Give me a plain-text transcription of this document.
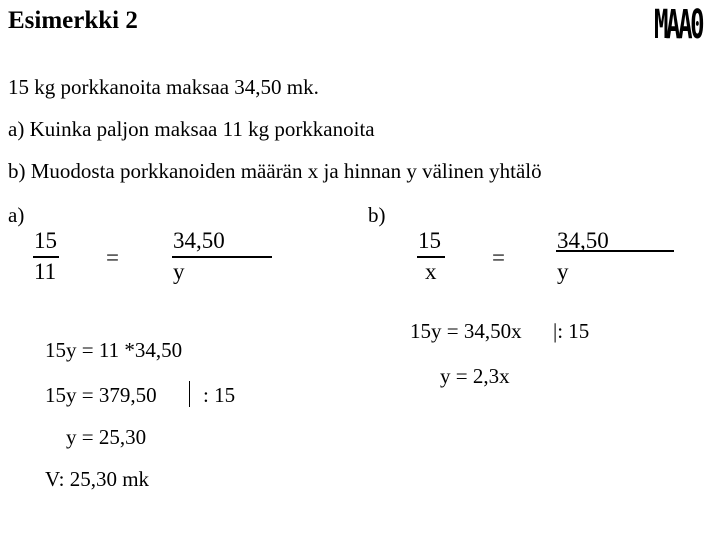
Esimerkki 2	MAA0
15 kg porkkanoita maksaa 34,50 mk.
a) Kuinka paljon maksaa 11 kg porkkanoita
b) Muodosta porkkanoiden määrän x ja hinnan y välinen yhtälö
a)
15
11
=
34,50
y
15y = 11 *34,50
15y = 379,50 : 15
y = 25,30
V: 25,30 mk
b)
15
x
=
34,50
y
15y = 34,50x |: 15
y = 2,3x
